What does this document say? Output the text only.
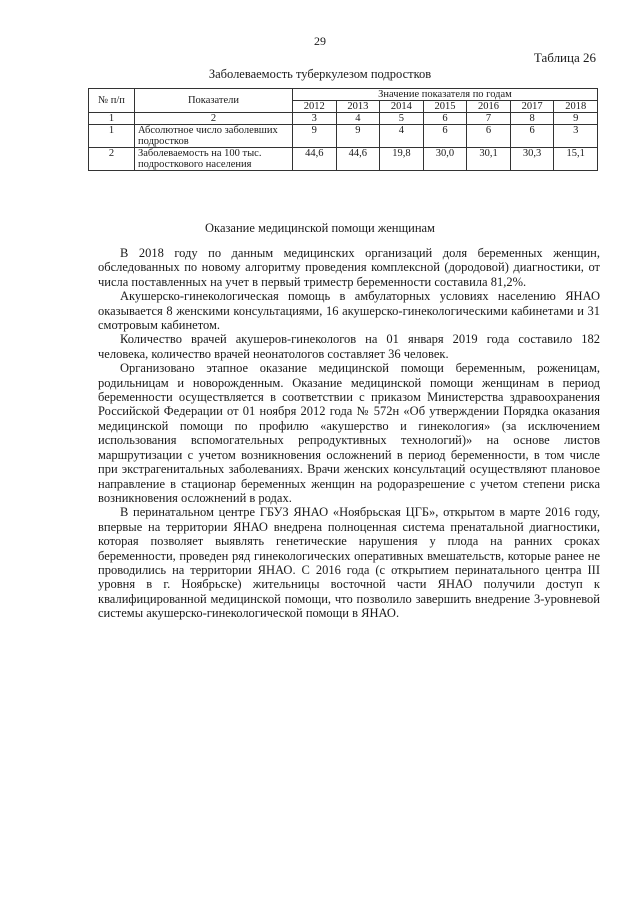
29
Таблица 26
Заболеваемость туберкулезом подростков
№ п/п	Показатели	Значение показателя по годам						
		2012	2013	2014	2015	2016	2017	2018
1	2	3	4	5	6	7	8	9
1	Абсолютное число заболевших подростков	9	9	4	6	6	6	3
2	Заболеваемость на 100 тыс. подросткового населения	44,6	44,6	19,8	30,0	30,1	30,3	15,1
Оказание медицинской помощи женщинам

В 2018 году по данным медицинских организаций доля беременных женщин, обследованных по новому алгоритму проведения комплексной (дородовой) диагностики, от числа поставленных на учет в первый триместр беременности составила 81,2%.

Акушерско-гинекологическая помощь в амбулаторных условиях населению ЯНАО оказывается 8 женскими консультациями, 16 акушерско-гинекологическими кабинетами и 31 смотровым кабинетом.

Количество врачей акушеров-гинекологов на 01 января 2019 года составило 182 человека, количество врачей неонатологов составляет 36 человек.

Организовано этапное оказание медицинской помощи беременным, роженицам, родильницам и новорожденным. Оказание медицинской помощи женщинам в период беременности осуществляется в соответствии с приказом Министерства здравоохранения Российской Федерации от 01 ноября 2012 года № 572н «Об утверждении Порядка оказания медицинской помощи по профилю «акушерство и гинекология» (за исключением использования вспомогательных репродуктивных технологий)» на основе листов маршрутизации с учетом возникновения осложнений в период беременности, в том числе при экстрагенитальных заболеваниях. Врачи женских консультаций осуществляют плановое направление в стационар беременных женщин на родоразрешение с учетом степени риска возникновения осложнений в родах.

В перинатальном центре ГБУЗ ЯНАО «Ноябрьская ЦГБ», открытом в марте 2016 году, впервые на территории ЯНАО внедрена полноценная система пренатальной диагностики, которая позволяет выявлять генетические нарушения у плода на ранних сроках беременности, проведен ряд гинекологических оперативных вмешательств, которые ранее не проводились на территории ЯНАО. С 2016 года (с открытием перинатального центра III уровня в г. Ноябрьске) жительницы восточной части ЯНАО получили доступ к квалифицированной медицинской помощи, что позволило завершить внедрение 3-уровневой системы акушерско-гинекологической помощи в ЯНАО.
